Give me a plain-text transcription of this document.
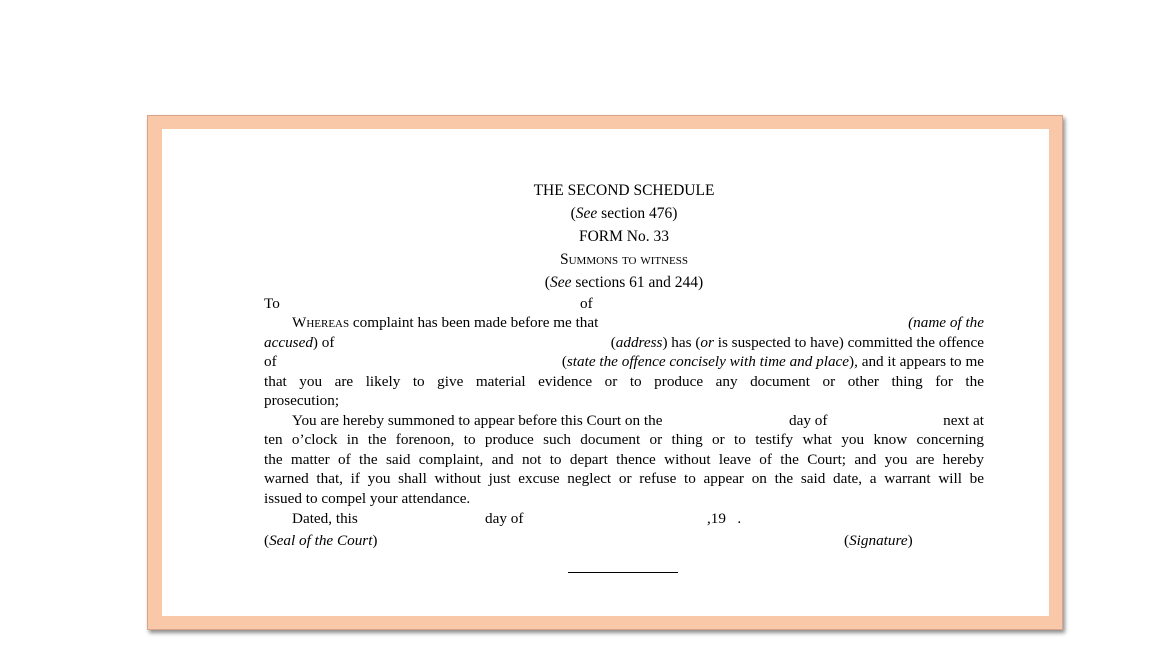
THE SECOND SCHEDULE
(See section 476)
FORM No. 33
Summons to witness
(See sections 61 and 244)
To	of
Whereas complaint has been made before me that	(name of the
accused) of	(address) has (or is suspected to have) committed the offence
of	(state the offence concisely with time and place), and it appears to me
that you are likely to give material evidence or to produce any document or other thing for the
prosecution;
You are hereby summoned to appear before this Court on the	day of	next at
ten o’clock in the forenoon, to produce such document or thing or to testify what you know concerning
the matter of the said complaint, and not to depart thence without leave of the Court; and you are hereby
warned that, if you shall without just excuse neglect or refuse to appear on the said date, a warrant will be
issued to compel your attendance.
Dated, this	day of	,19   .
(Seal of the Court)	(Signature)
